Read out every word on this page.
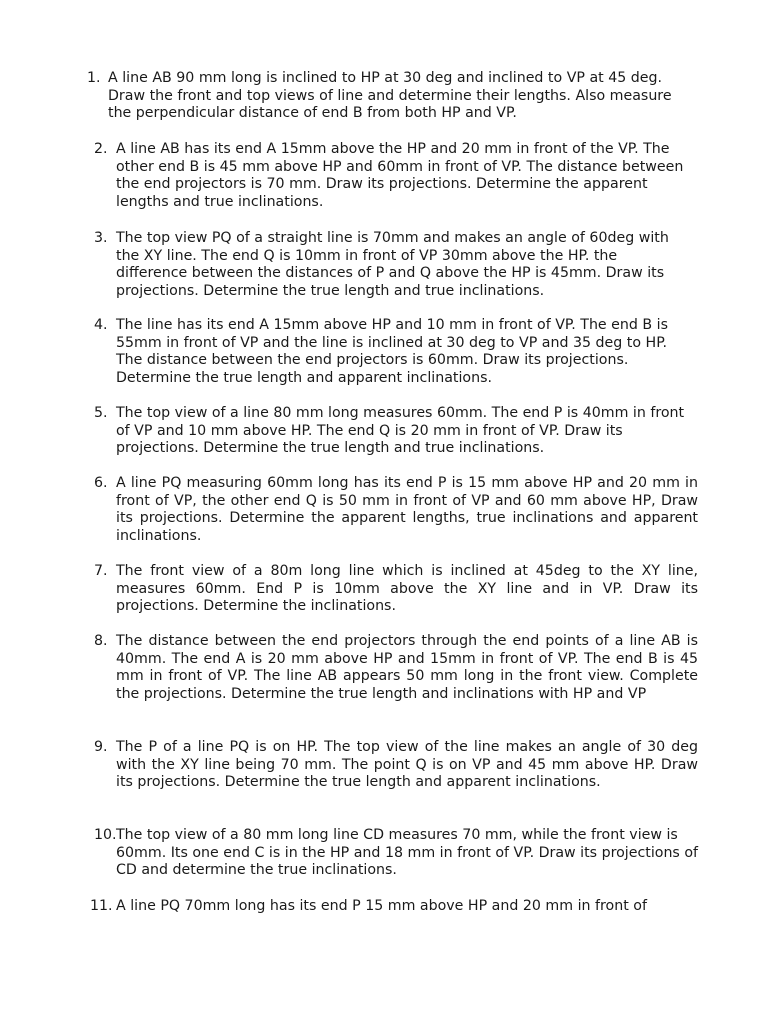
1. A line AB 90 mm long is inclined to HP at 30 deg and inclined to VP at 45 deg. Draw the front and top views of line and determine their lengths. Also measure the perpendicular distance of end B from both HP and VP.
2. A line AB has its end A 15mm above the HP and 20 mm in front of the VP. The other end B is 45 mm above HP and 60mm in front of VP. The distance between the end projectors is 70 mm. Draw its projections. Determine the apparent lengths and true inclinations.
3. The top view PQ of a straight line is 70mm and makes an angle of 60deg with the XY line. The end Q is 10mm in front of VP 30mm above the HP. the difference between the distances of P and Q above the HP is 45mm. Draw its projections. Determine the true length and true inclinations.
4. The line has its end A 15mm above HP and 10 mm in front of VP. The end B is 55mm in front of VP and the line is inclined at 30 deg to VP and 35 deg to HP. The distance between the end projectors is 60mm. Draw its projections. Determine the true length and apparent inclinations.
5. The top view of a line 80 mm long measures 60mm. The end P is 40mm in front of VP and 10 mm above HP. The end Q is 20 mm in front of VP. Draw its projections. Determine the true length and true inclinations.
6. A line PQ measuring 60mm long has its end P is 15 mm above HP and 20 mm in front of VP, the other end Q is 50 mm in front of VP and 60 mm above HP, Draw its projections. Determine the apparent lengths, true inclinations and apparent inclinations.
7. The front view of a 80m long line which is inclined at 45deg to the XY line, measures 60mm. End P is 10mm above the XY line and in VP. Draw its projections. Determine the inclinations.
8. The distance between the end projectors through the end points of a line AB is 40mm. The end A is 20 mm above HP and 15mm in front of VP. The end B is 45 mm in front of VP. The line AB appears 50 mm long in the front view. Complete the projections. Determine the true length and inclinations with HP and VP
9. The P of a line PQ is on HP. The top view of the line makes an angle of 30 deg with the XY line being 70 mm. The point Q is on VP and 45 mm above HP. Draw its projections. Determine the true length and apparent inclinations.
10. The top view of a 80 mm long line CD measures 70 mm, while the front view is 60mm. Its one end C is in the HP and 18 mm in front of VP. Draw its projections of CD and determine the true inclinations.
11. A line PQ 70mm long has its end P 15 mm above HP and 20 mm in front of
